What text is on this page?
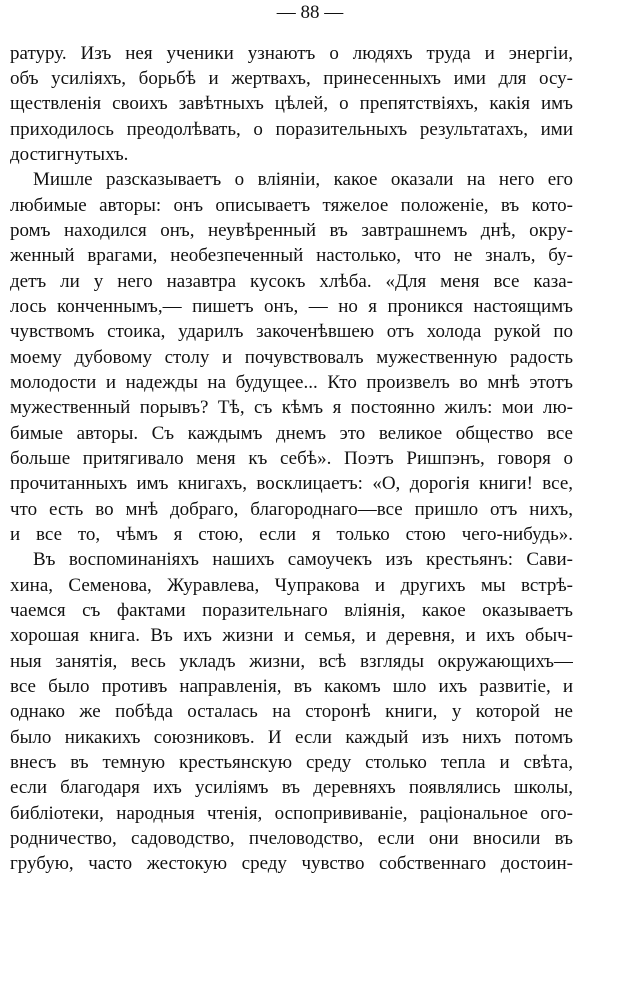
— 88 —
ратуру. Изъ нея ученики узнаютъ о людяхъ труда и энергіи,
объ усиліяхъ, борьбѣ и жертвахъ, принесенныхъ ими для осу-
ществленія своихъ завѣтныхъ цѣлей, о препятствіяхъ, какія имъ
приходилось преодолѣвать, о поразительныхъ результатахъ, ими
достигнутыхъ.
Мишле разсказываетъ о вліяніи, какое оказали на него его
любимые авторы: онъ описываетъ тяжелое положеніе, въ кото-
ромъ находился онъ, неувѣренный въ завтрашнемъ днѣ, окру-
женный врагами, необезпеченный настолько, что не зналъ, бу-
детъ ли у него назавтра кусокъ хлѣба. «Для меня все каза-
лось конченнымъ,— пишетъ онъ, — но я проникся настоящимъ
чувствомъ стоика, ударилъ закоченѣвшею отъ холода рукой по
моему дубовому столу и почувствовалъ мужественную радость
молодости и надежды на будущее... Кто произвелъ во мнѣ этотъ
мужественный порывъ? Тѣ, съ кѣмъ я постоянно жилъ: мои лю-
бимые авторы. Съ каждымъ днемъ это великое общество все
больше притягивало меня къ себѣ». Поэтъ Ришпэнъ, говоря о
прочитанныхъ имъ книгахъ, восклицаетъ: «О, дорогія книги! все,
что есть во мнѣ добраго, благороднаго—все пришло отъ нихъ,
и все то, чѣмъ я стою, если я только стою чего-нибудь».
Въ воспоминаніяхъ нашихъ самоучекъ изъ крестьянъ: Сави-
хина, Семенова, Журавлева, Чупракова и другихъ мы встрѣ-
чаемся съ фактами поразительнаго вліянія, какое оказываетъ
хорошая книга. Въ ихъ жизни и семья, и деревня, и ихъ обыч-
ныя занятія, весь укладъ жизни, всѣ взгляды окружающихъ—
все было противъ направленія, въ какомъ шло ихъ развитіе, и
однако же побѣда осталась на сторонѣ книги, у которой не
было никакихъ союзниковъ. И если каждый изъ нихъ потомъ
внесъ въ темную крестьянскую среду столько тепла и свѣта,
если благодаря ихъ усиліямъ въ деревняхъ появлялись школы,
библіотеки, народныя чтенія, оспопрививаніе, раціональное ого-
родничество, садоводство, пчеловодство, если они вносили въ
грубую, часто жестокую среду чувство собственнаго достоин-
